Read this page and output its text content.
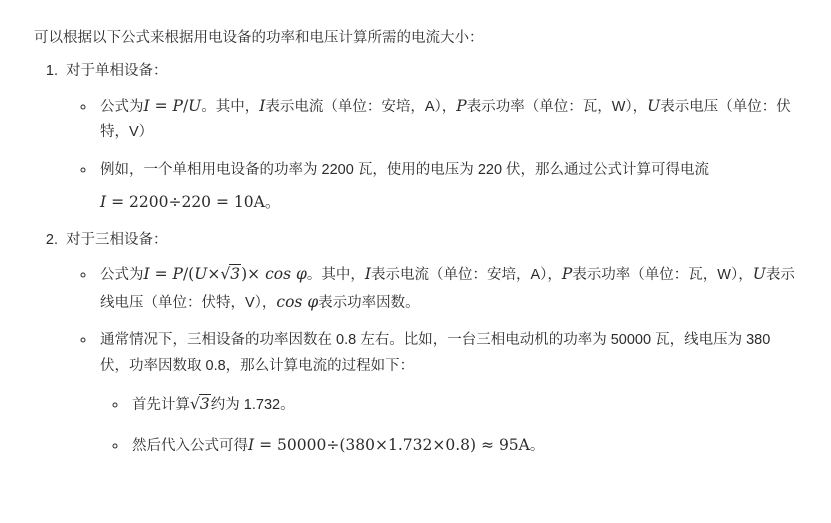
可以根据以下公式来根据用电设备的功率和电压计算所需的电流大小：

1. 对于单相设备：
◦ 公式为I = P/U。其中，I表示电流（单位：安培，A），P表示功率（单位：瓦，W），U表示电压（单位：伏特，V）
◦ 例如，一个单相用电设备的功率为 2200 瓦，使用的电压为 220 伏，那么通过公式计算可得电流
I = 2200÷220 = 10A。
2. 对于三相设备：
◦ 公式为I = P/(U×√3)× cos φ。其中，I表示电流（单位：安培，A），P表示功率（单位：瓦，W），U表示线电压（单位：伏特，V），cos φ表示功率因数。
◦ 通常情况下，三相设备的功率因数在 0.8 左右。比如，一台三相电动机的功率为 50000 瓦，线电压为 380 伏，功率因数取 0.8，那么计算电流的过程如下：
◦ 首先计算√3约为 1.732。
◦ 然后代入公式可得I = 50000÷(380×1.732×0.8) ≈ 95A。
